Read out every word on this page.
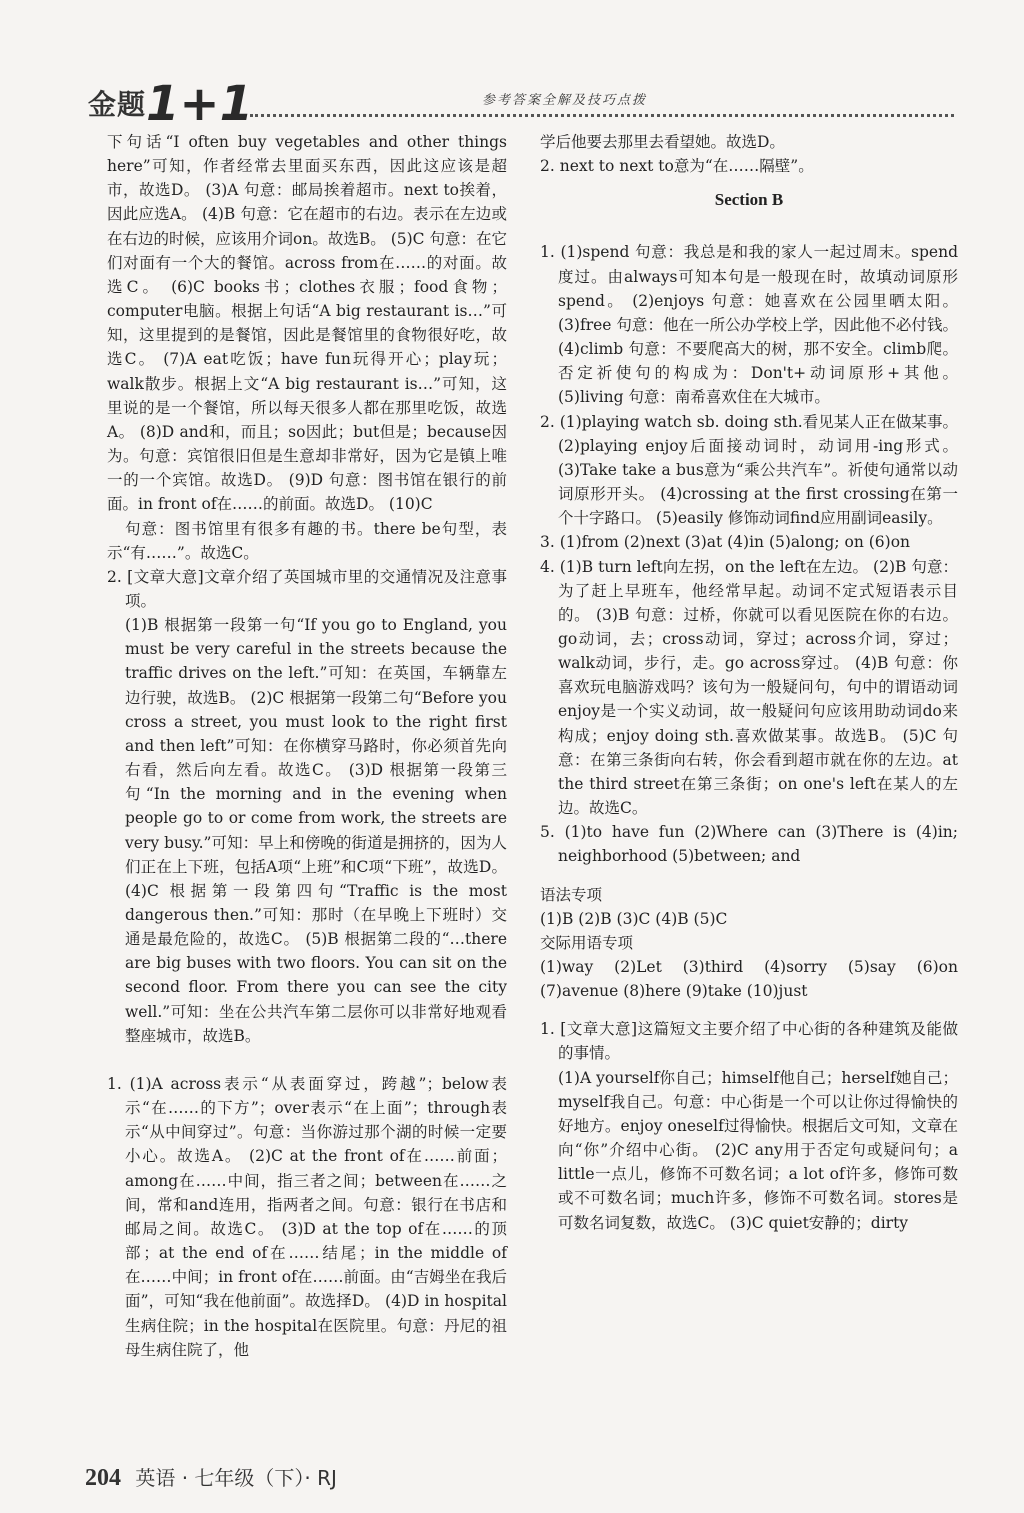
金题1+1	参考答案全解及技巧点拨

下句话“I often buy vegetables and other things here”可知，作者经常去里面买东西，因此这应该是超市，故选D。 (3)A 句意：邮局挨着超市。next to挨着，因此应选A。 (4)B 句意：它在超市的右边。表示在左边或在右边的时候，应该用介词on。故选B。 (5)C 句意：在它们对面有一个大的餐馆。across from在……的对面。故选C。 (6)C books书；clothes衣服；food食物；computer电脑。根据上句话“A big restaurant is…”可知，这里提到的是餐馆，因此是餐馆里的食物很好吃，故选C。 (7)A eat吃饭；have fun玩得开心；play玩；walk散步。根据上文“A big restaurant is…”可知，这里说的是一个餐馆，所以每天很多人都在那里吃饭，故选A。 (8)D and和，而且；so因此；but但是；because因为。句意：宾馆很旧但是生意却非常好，因为它是镇上唯一的一个宾馆。故选D。 (9)D 句意：图书馆在银行的前面。in front of在……的前面。故选D。 (10)C

句意：图书馆里有很多有趣的书。there be句型，表示“有……”。故选C。

2. [文章大意]文章介绍了英国城市里的交通情况及注意事项。

(1)B 根据第一段第一句“If you go to England, you must be very careful in the streets because the traffic drives on the left.”可知：在英国，车辆靠左边行驶，故选B。 (2)C 根据第一段第二句“Before you cross a street, you must look to the right first and then left”可知：在你横穿马路时，你必须首先向右看，然后向左看。故选C。 (3)D 根据第一段第三句“In the morning and in the evening when people go to or come from work, the streets are very busy.”可知：早上和傍晚的街道是拥挤的，因为人们正在上下班，包括A项“上班”和C项“下班”，故选D。 (4)C 根据第一段第四句“Traffic is the most dangerous then.”可知：那时（在早晚上下班时）交通是最危险的，故选C。 (5)B 根据第二段的“…there are big buses with two floors. You can sit on the second floor. From there you can see the city well.”可知：坐在公共汽车第二层你可以非常好地观看整座城市，故选B。

1. (1)A across表示“从表面穿过，跨越”；below表示“在……的下方”；over表示“在上面”；through表示“从中间穿过”。句意：当你游过那个湖的时候一定要小心。故选A。 (2)C at the front of在……前面；among在……中间，指三者之间；between在……之间，常和and连用，指两者之间。句意：银行在书店和邮局之间。故选C。 (3)D at the top of在……的顶部；at the end of在……结尾；in the middle of在……中间；in front of在……前面。由“吉姆坐在我后面”，可知“我在他前面”。故选择D。 (4)D in hospital生病住院；in the hospital在医院里。句意：丹尼的祖母生病住院了，他

学后他要去那里去看望她。故选D。

2. next to next to意为“在……隔壁”。

Section B

1. (1)spend 句意：我总是和我的家人一起过周末。spend度过。由always可知本句是一般现在时，故填动词原形spend。 (2)enjoys 句意：她喜欢在公园里晒太阳。 (3)free 句意：他在一所公办学校上学，因此他不必付钱。 (4)climb 句意：不要爬高大的树，那不安全。climb爬。否定祈使句的构成为：Don't+动词原形+其他。 (5)living 句意：南希喜欢住在大城市。

2. (1)playing watch sb. doing sth.看见某人正在做某事。 (2)playing enjoy后面接动词时，动词用-ing形式。 (3)Take take a bus意为“乘公共汽车”。祈使句通常以动词原形开头。 (4)crossing at the first crossing在第一个十字路口。 (5)easily 修饰动词find应用副词easily。

3. (1)from (2)next (3)at (4)in (5)along; on (6)on

4. (1)B turn left向左拐，on the left在左边。 (2)B 句意：为了赶上早班车，他经常早起。动词不定式短语表示目的。 (3)B 句意：过桥，你就可以看见医院在你的右边。go动词，去；cross动词，穿过；across介词，穿过；walk动词，步行，走。go across穿过。 (4)B 句意：你喜欢玩电脑游戏吗？该句为一般疑问句，句中的谓语动词enjoy是一个实义动词，故一般疑问句应该用助动词do来构成；enjoy doing sth.喜欢做某事。故选B。 (5)C 句意：在第三条街向右转，你会看到超市就在你的左边。at the third street在第三条街；on one's left在某人的左边。故选C。

5. (1)to have fun (2)Where can (3)There is (4)in; neighborhood (5)between; and

语法专项

(1)B (2)B (3)C (4)B (5)C

交际用语专项

(1)way (2)Let (3)third (4)sorry (5)say (6)on (7)avenue (8)here (9)take (10)just

1. [文章大意]这篇短文主要介绍了中心街的各种建筑及能做的事情。

(1)A yourself你自己；himself他自己；herself她自己；myself我自己。句意：中心街是一个可以让你过得愉快的好地方。enjoy oneself过得愉快。根据后文可知，文章在向“你”介绍中心街。 (2)C any用于否定句或疑问句；a little一点儿，修饰不可数名词；a lot of许多，修饰可数或不可数名词；much许多，修饰不可数名词。stores是可数名词复数，故选C。 (3)C quiet安静的；dirty

204 英语 · 七年级（下）· RJ
